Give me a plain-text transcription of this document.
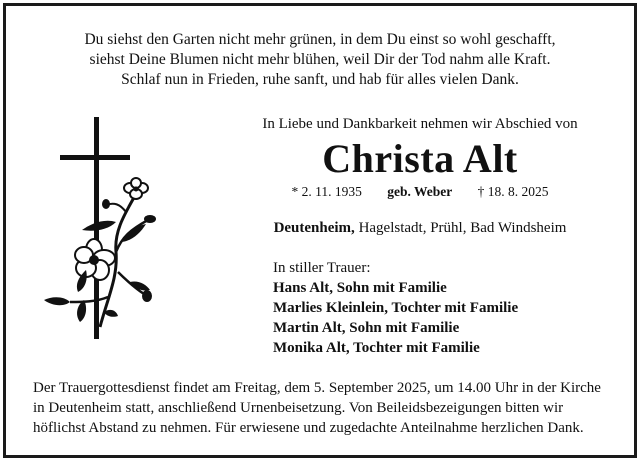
Du siehst den Garten nicht mehr grünen, in dem Du einst so wohl geschafft,
siehst Deine Blumen nicht mehr blühen, weil Dir der Tod nahm alle Kraft.
Schlaf nun in Frieden, ruhe sanft, und hab für alles vielen Dank.
In Liebe und Dankbarkeit nehmen wir Abschied von
Christa Alt
* 2. 11. 1935 geb. Weber † 18. 8. 2025
Deutenheim, Hagelstadt, Prühl, Bad Windsheim
In stiller Trauer:
Hans Alt, Sohn mit Familie
Marlies Kleinlein, Tochter mit Familie
Martin Alt, Sohn mit Familie
Monika Alt, Tochter mit Familie
Der Trauergottesdienst findet am Freitag, dem 5. September 2025, um 14.00 Uhr in der Kirche
in Deutenheim statt, anschließend Urnenbeisetzung. Von Beileidsbezeigungen bitten wir
höflichst Abstand zu nehmen. Für erwiesene und zugedachte Anteilnahme herzlichen Dank.
